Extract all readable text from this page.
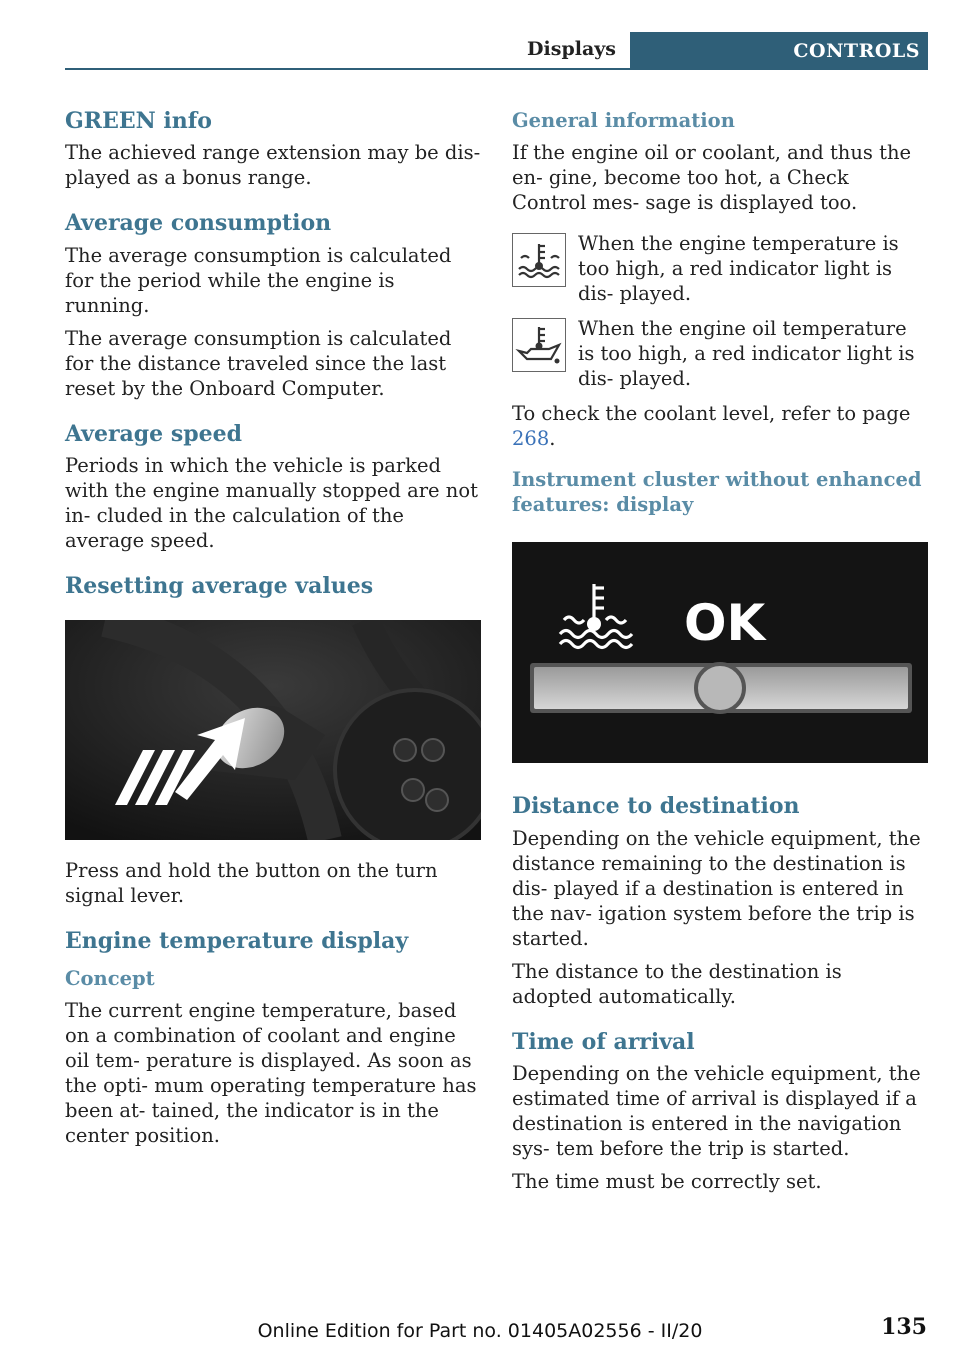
Displays	CONTROLS
GREEN info

The achieved range extension may be dis‐ played as a bonus range.

Average consumption

The average consumption is calculated for the period while the engine is running.

The average consumption is calculated for the distance traveled since the last reset by the Onboard Computer.

Average speed

Periods in which the vehicle is parked with the engine manually stopped are not in‐ cluded in the calculation of the average speed.

Resetting average values

Press and hold the button on the turn signal lever.

Engine temperature display
Concept

The current engine temperature, based on a combination of coolant and engine oil tem‐ perature is displayed. As soon as the opti‐ mum operating temperature has been at‐ tained, the indicator is in the center position.

General information

If the engine oil or coolant, and thus the en‐ gine, become too hot, a Check Control mes‐ sage is displayed too.

When the engine temperature is too high, a red indicator light is dis‐ played.

When the engine oil temperature is too high, a red indicator light is dis‐ played.

To check the coolant level, refer to page 268.

Instrument cluster without enhanced features: display
OK
Distance to destination

Depending on the vehicle equipment, the distance remaining to the destination is dis‐ played if a destination is entered in the nav‐ igation system before the trip is started.

The distance to the destination is adopted automatically.

Time of arrival

Depending on the vehicle equipment, the estimated time of arrival is displayed if a destination is entered in the navigation sys‐ tem before the trip is started.

The time must be correctly set.

Online Edition for Part no. 01405A02556 - II/20	135
